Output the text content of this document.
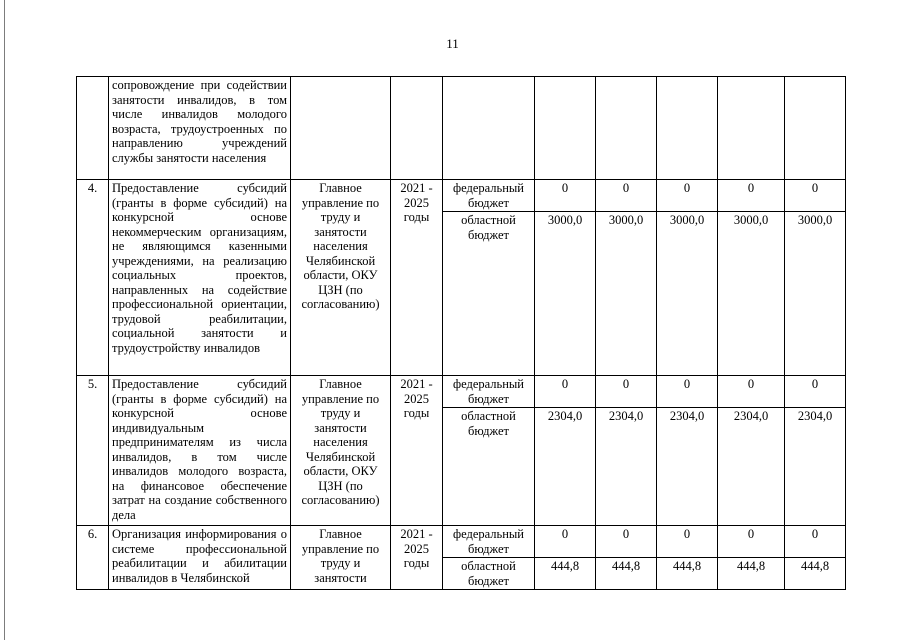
11
	сопровождение при содействии занятости инвалидов, в том числе инвалидов молодого возраста, трудоустроенных по направлению учреждений службы занятости населения								
4.	Предоставление субсидий (гранты в форме субсидий) на конкурсной основе некоммерческим организациям, не являющимся казенными учреждениями, на реализацию социальных проектов, направленных на содействие профессиональной ориентации, трудовой реабилитации, социальной занятости и трудоустройству инвалидов	Главное управление по труду и занятости населения Челябинской области, ОКУ ЦЗН (по согласованию)	2021 - 2025 годы	федеральный бюджет	0	0	0	0	0
				областной бюджет	3000,0	3000,0	3000,0	3000,0	3000,0
5.	Предоставление субсидий (гранты в форме субсидий) на конкурсной основе индивидуальным предпринимателям из числа инвалидов, в том числе инвалидов молодого возраста, на финансовое обеспечение затрат на создание собственного дела	Главное управление по труду и занятости населения Челябинской области, ОКУ ЦЗН (по согласованию)	2021 - 2025 годы	федеральный бюджет	0	0	0	0	0
				областной бюджет	2304,0	2304,0	2304,0	2304,0	2304,0
6.	Организация информирования о системе профессиональной реабилитации и абилитации инвалидов в Челябинской	Главное управление по труду и занятости	2021 - 2025 годы	федеральный бюджет	0	0	0	0	0
				областной бюджет	444,8	444,8	444,8	444,8	444,8
